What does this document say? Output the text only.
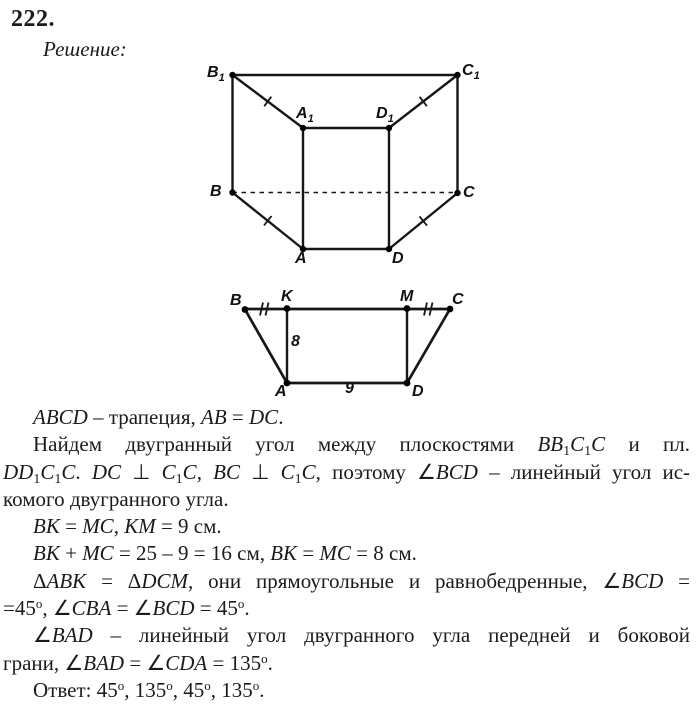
222.
Решение:
$B_1$	$C_1$
$A_1$	$D_1$
B	C
A	D
B K	M C
A	D
8
9
ABCD – трапеция, AB = DC.
Найдем двугранный угол между плоскостями $BB_1C_1C$ и пл.
$DD_1C_1C$. DC ⊥ $C_1C$, BC ⊥ $C_1C$, поэтому ∠BCD – линейный угол ис-
комого двугранного угла.
BK = MC, KM = 9 см.
BK + MC = 25 – 9 = 16 см, BK = MC = 8 см.
ΔABK = ΔDCM, они прямоугольные и равнобедренные, ∠BCD =
$=45^o$, ∠CBA = ∠BCD = $45^o$.
∠BAD – линейный угол двугранного угла передней и боковой
грани, ∠BAD = ∠CDA = $135^o$.
Ответ: 45$^o$, 135$^o$, 45$^o$, 135$^o$.
